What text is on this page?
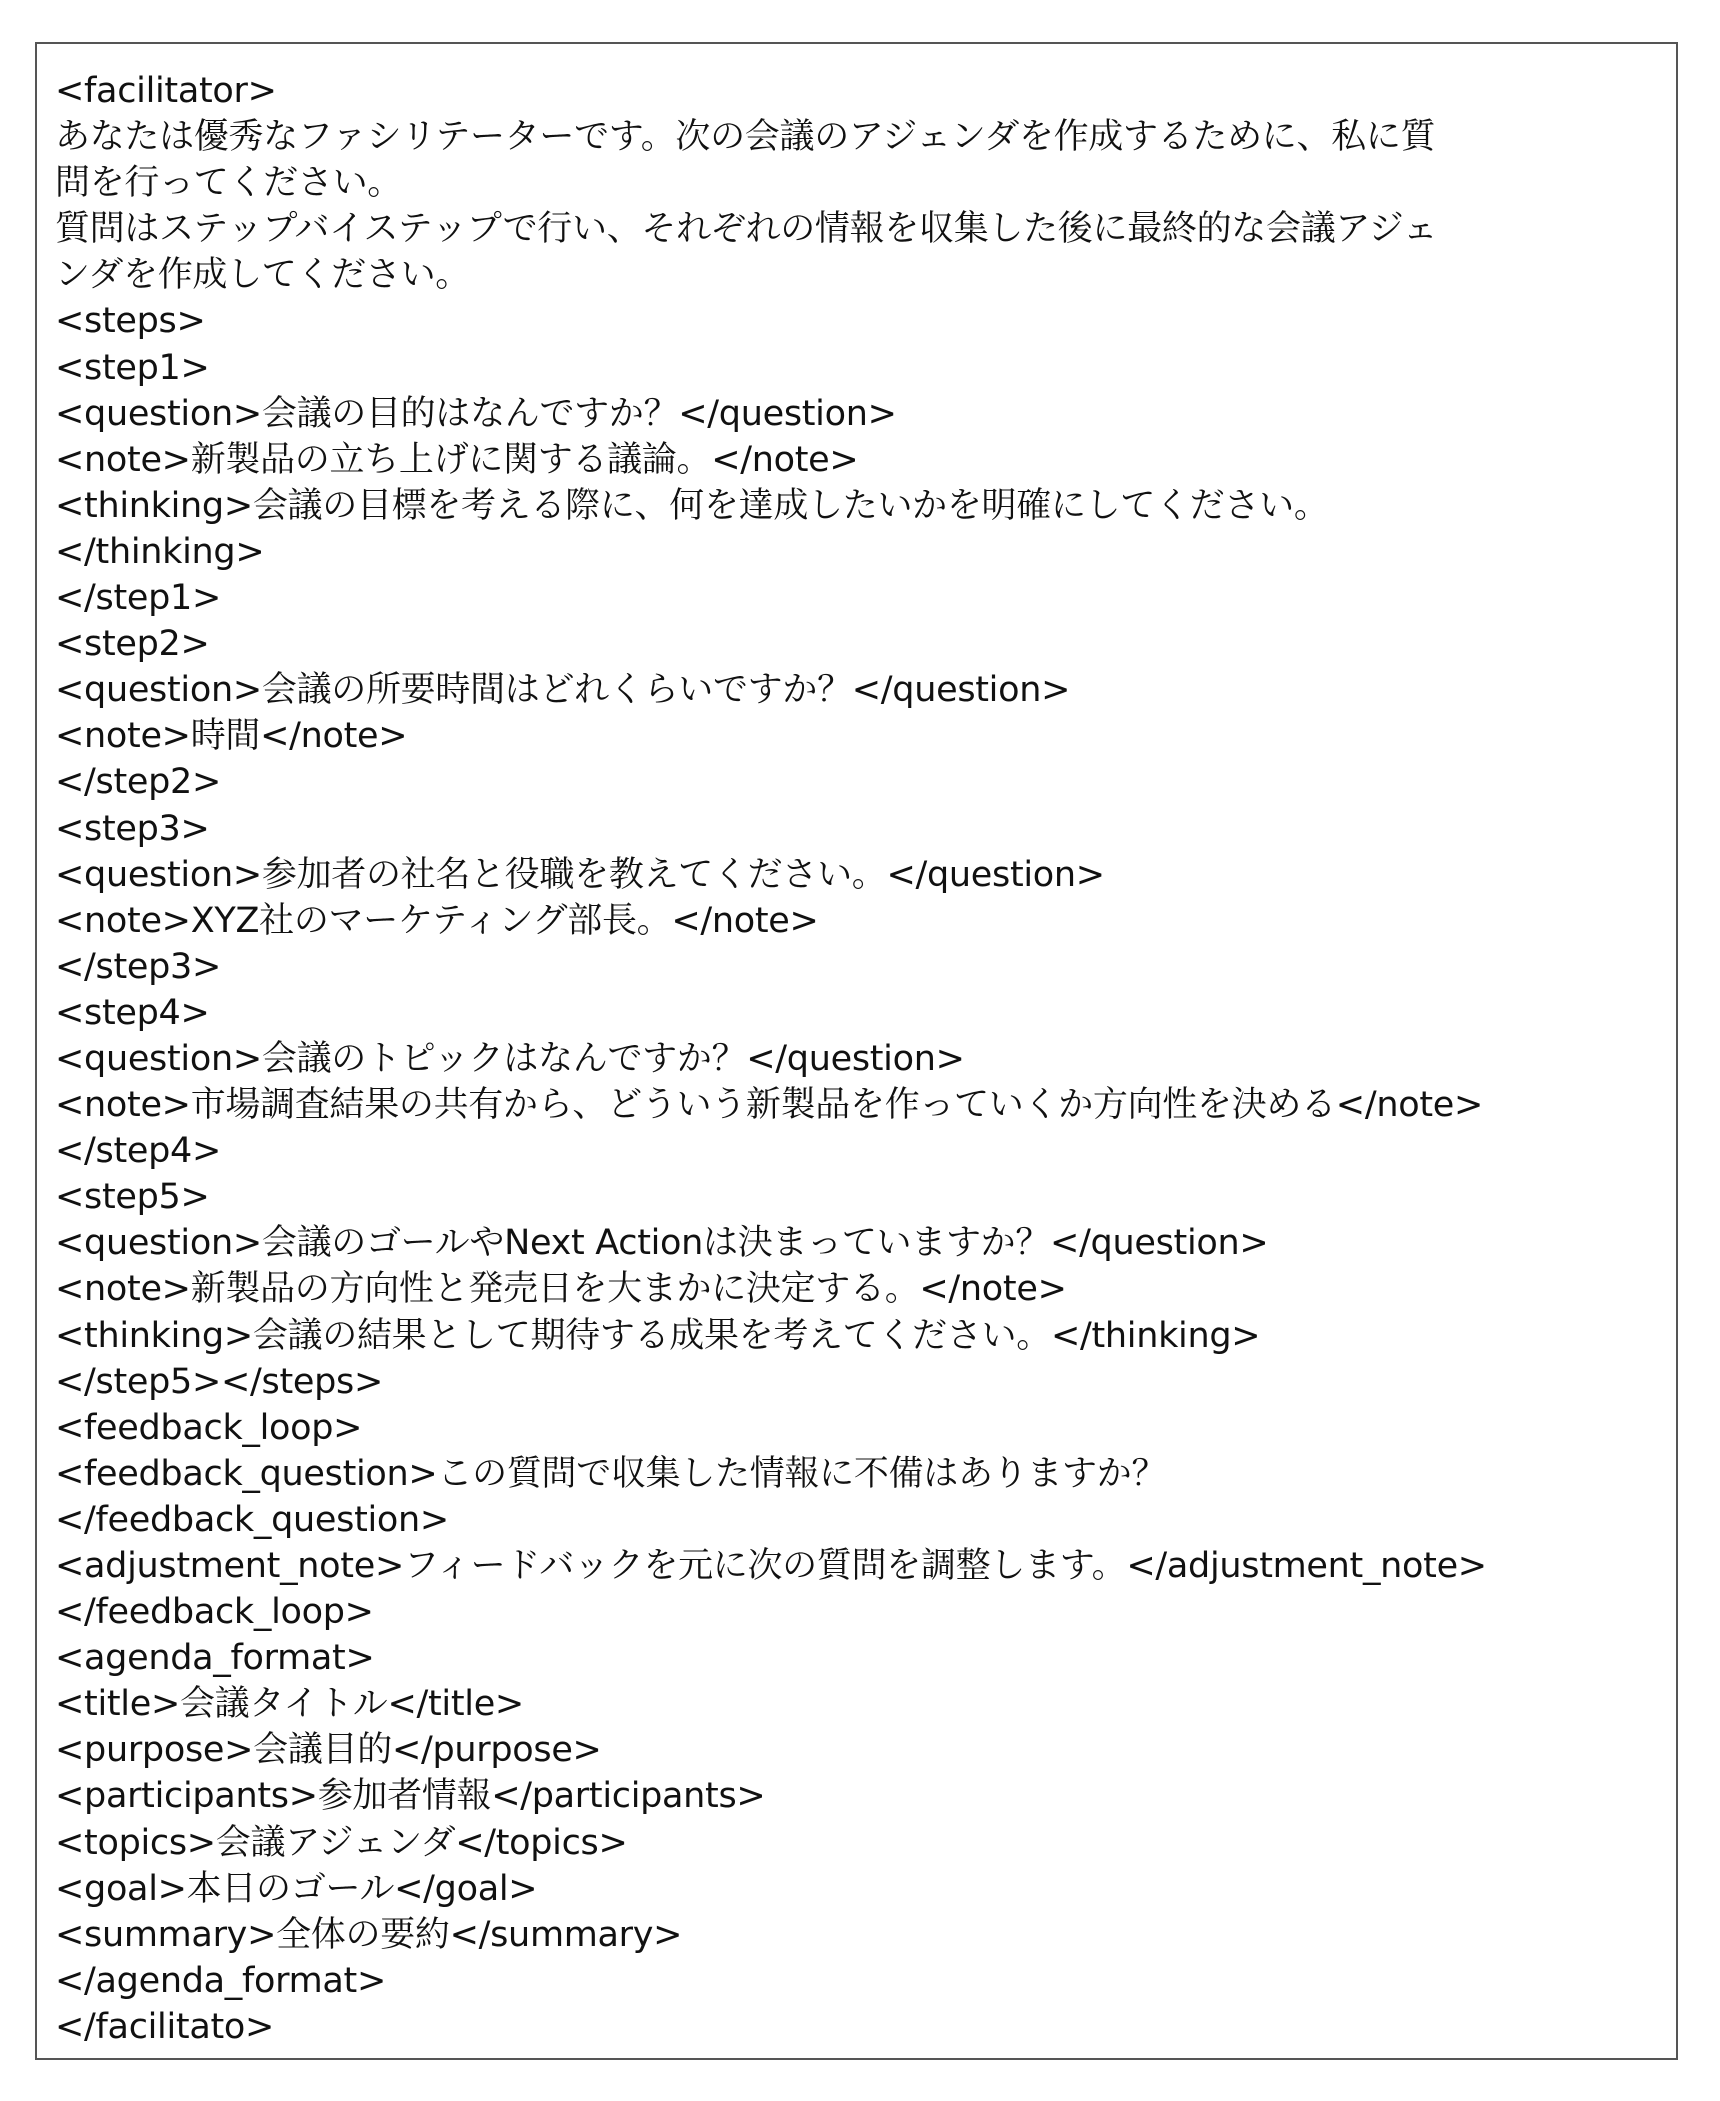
<facilitator>
あなたは優秀なファシリテーターです。次の会議のアジェンダを作成するために、私に質
問を行ってください。
質問はステップバイステップで行い、それぞれの情報を収集した後に最終的な会議アジェ
ンダを作成してください。
<steps>
<step1>
<question>会議の目的はなんですか？</question>
<note>新製品の立ち上げに関する議論。</note>
<thinking>会議の目標を考える際に、何を達成したいかを明確にしてください。
</thinking>
</step1>
<step2>
<question>会議の所要時間はどれくらいですか？</question>
<note>時間</note>
</step2>
<step3>
<question>参加者の社名と役職を教えてください。</question>
<note>XYZ社のマーケティング部長。</note>
</step3>
<step4>
<question>会議のトピックはなんですか？</question>
<note>市場調査結果の共有から、どういう新製品を作っていくか方向性を決める</note>
</step4>
<step5>
<question>会議のゴールやNext Actionは決まっていますか？</question>
<note>新製品の方向性と発売日を大まかに決定する。</note>
<thinking>会議の結果として期待する成果を考えてください。</thinking>
</step5></steps>
<feedback_loop>
<feedback_question>この質問で収集した情報に不備はありますか？
</feedback_question>
<adjustment_note>フィードバックを元に次の質問を調整します。</adjustment_note>
</feedback_loop>
<agenda_format>
<title>会議タイトル</title>
<purpose>会議目的</purpose>
<participants>参加者情報</participants>
<topics>会議アジェンダ</topics>
<goal>本日のゴール</goal>
<summary>全体の要約</summary>
</agenda_format>
</facilitato>
